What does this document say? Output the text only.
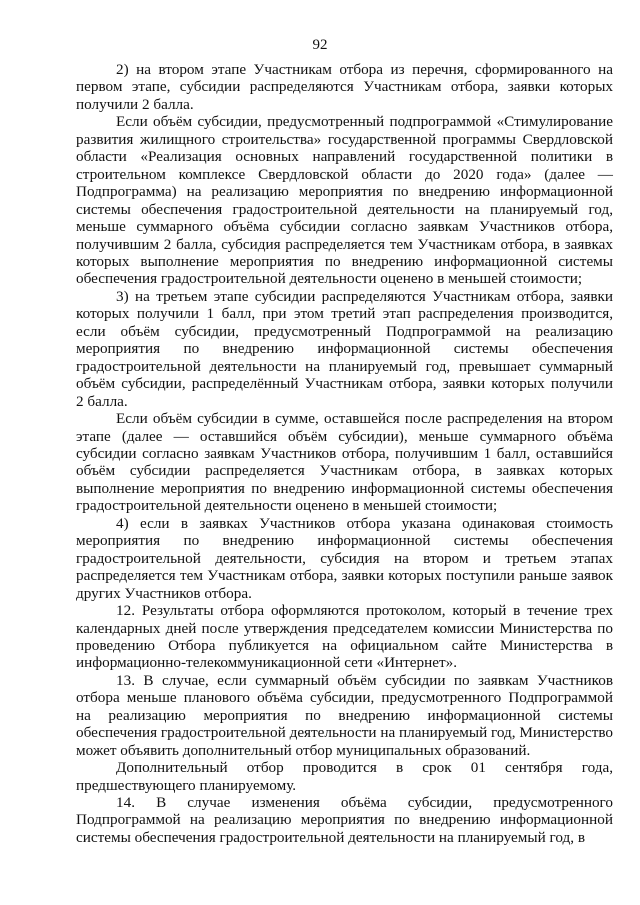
92
2) на втором этапе Участникам отбора из перечня, сформированного на
первом этапе, субсидии распределяются Участникам отбора, заявки которых
получили 2 балла.
Если объём субсидии, предусмотренный подпрограммой «Стимулирование
развития жилищного строительства» государственной программы Свердловской
области «Реализация основных направлений государственной политики в
строительном комплексе Свердловской области до 2020 года» (далее —
Подпрограмма) на реализацию мероприятия по внедрению информационной
системы обеспечения градостроительной деятельности на планируемый год,
меньше суммарного объёма субсидии согласно заявкам Участников отбора,
получившим 2 балла, субсидия распределяется тем Участникам отбора, в заявках
которых выполнение мероприятия по внедрению информационной системы
обеспечения градостроительной деятельности оценено в меньшей стоимости;
3) на третьем этапе субсидии распределяются Участникам отбора, заявки
которых получили 1 балл, при этом третий этап распределения производится,
если объём субсидии, предусмотренный Подпрограммой на реализацию
мероприятия по внедрению информационной системы обеспечения
градостроительной деятельности на планируемый год, превышает суммарный
объём субсидии, распределённый Участникам отбора, заявки которых получили
2 балла.
Если объём субсидии в сумме, оставшейся после распределения на втором
этапе (далее — оставшийся объём субсидии), меньше суммарного объёма
субсидии согласно заявкам Участников отбора, получившим 1 балл, оставшийся
объём субсидии распределяется Участникам отбора, в заявках которых
выполнение мероприятия по внедрению информационной системы обеспечения
градостроительной деятельности оценено в меньшей стоимости;
4) если в заявках Участников отбора указана одинаковая стоимость
мероприятия по внедрению информационной системы обеспечения
градостроительной деятельности, субсидия на втором и третьем этапах
распределяется тем Участникам отбора, заявки которых поступили раньше заявок
других Участников отбора.
12. Результаты отбора оформляются протоколом, который в течение трех
календарных дней после утверждения председателем комиссии Министерства по
проведению Отбора публикуется на официальном сайте Министерства в
информационно-телекоммуникационной сети «Интернет».
13. В случае, если суммарный объём субсидии по заявкам Участников
отбора меньше планового объёма субсидии, предусмотренного Подпрограммой
на реализацию мероприятия по внедрению информационной системы
обеспечения градостроительной деятельности на планируемый год, Министерство
может объявить дополнительный отбор муниципальных образований.
Дополнительный отбор проводится в срок 01 сентября года,
предшествующего планируемому.
14. В случае изменения объёма субсидии, предусмотренного
Подпрограммой на реализацию мероприятия по внедрению информационной
системы обеспечения градостроительной деятельности на планируемый год, в
